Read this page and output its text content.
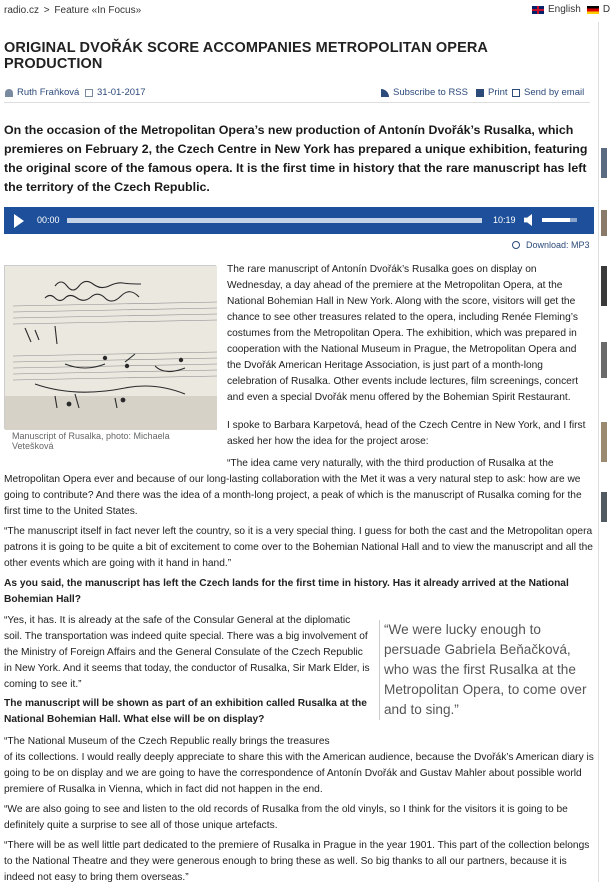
radio.cz > Feature «In Focus»	English D
ORIGINAL DVOŘÁK SCORE ACCOMPANIES METROPOLITAN OPERA PRODUCTION
Ruth Fraňková 31-01-2017	Subscribe to RSS Print Send by email

On the occasion of the Metropolitan Opera’s new production of Antonín Dvořák’s Rusalka, which premieres on February 2, the Czech Centre in New York has prepared a unique exhibition, featuring the original score of the famous opera. It is the first time in history that the rare manuscript has left the territory of the Czech Republic.

00:00	10:19
Download: MP3
Manuscript of Rusalka, photo: Michaela Vetešková

The rare manuscript of Antonín Dvořák’s Rusalka goes on display on Wednesday, a day ahead of the premiere at the Metropolitan Opera, at the National Bohemian Hall in New York. Along with the score, visitors will get the chance to see other treasures related to the opera, including Renée Fleming’s costumes from the Metropolitan Opera. The exhibition, which was prepared in cooperation with the National Museum in Prague, the Metropolitan Opera and the Dvořák American Heritage Association, is just part of a month-long celebration of Rusalka. Other events include lectures, film screenings, concert and even a special Dvořák menu offered by the Bohemian Spirit Restaurant.

I spoke to Barbara Karpetová, head of the Czech Centre in New York, and I first asked her how the idea for the project arose:

“The idea came very naturally, with the third production of Rusalka at the

Metropolitan Opera ever and because of our long-lasting collaboration with the Met it was a very natural step to ask: how are we going to contribute? And there was the idea of a month-long project, a peak of which is the manuscript of Rusalka coming for the first time to the United States.

“The manuscript itself in fact never left the country, so it is a very special thing. I guess for both the cast and the Metropolitan opera patrons it is going to be quite a bit of excitement to come over to the Bohemian National Hall and to view the manuscript and all the other events which are going with it hand in hand.”

As you said, the manuscript has left the Czech lands for the first time in history. Has it already arrived at the National Bohemian Hall?

“Yes, it has. It is already at the safe of the Consular General at the diplomatic soil. The transportation was indeed quite special. There was a big involvement of the Ministry of Foreign Affairs and the General Consulate of the Czech Republic in New York. And it seems that today, the conductor of Rusalka, Sir Mark Elder, is coming to see it.”

The manuscript will be shown as part of an exhibition called Rusalka at the National Bohemian Hall. What else will be on display?

“We were lucky enough to persuade Gabriela Beňačková, who was the first Rusalka at the Metropolitan Opera, to come over and to sing.”

“The National Museum of the Czech Republic really brings the treasures

of its collections. I would really deeply appreciate to share this with the American audience, because the Dvořák’s American diary is going to be on display and we are going to have the correspondence of Antonín Dvořák and Gustav Mahler about possible world premiere of Rusalka in Vienna, which in fact did not happen in the end.

“We are also going to see and listen to the old records of Rusalka from the old vinyls, so I think for the visitors it is going to be definitely quite a surprise to see all of those unique artefacts.

“There will be as well little part dedicated to the premiere of Rusalka in Prague in the year 1901. This part of the collection belongs to the National Theatre and they were generous enough to bring these as well. So big thanks to all our partners, because it is indeed not easy to bring them overseas.”
